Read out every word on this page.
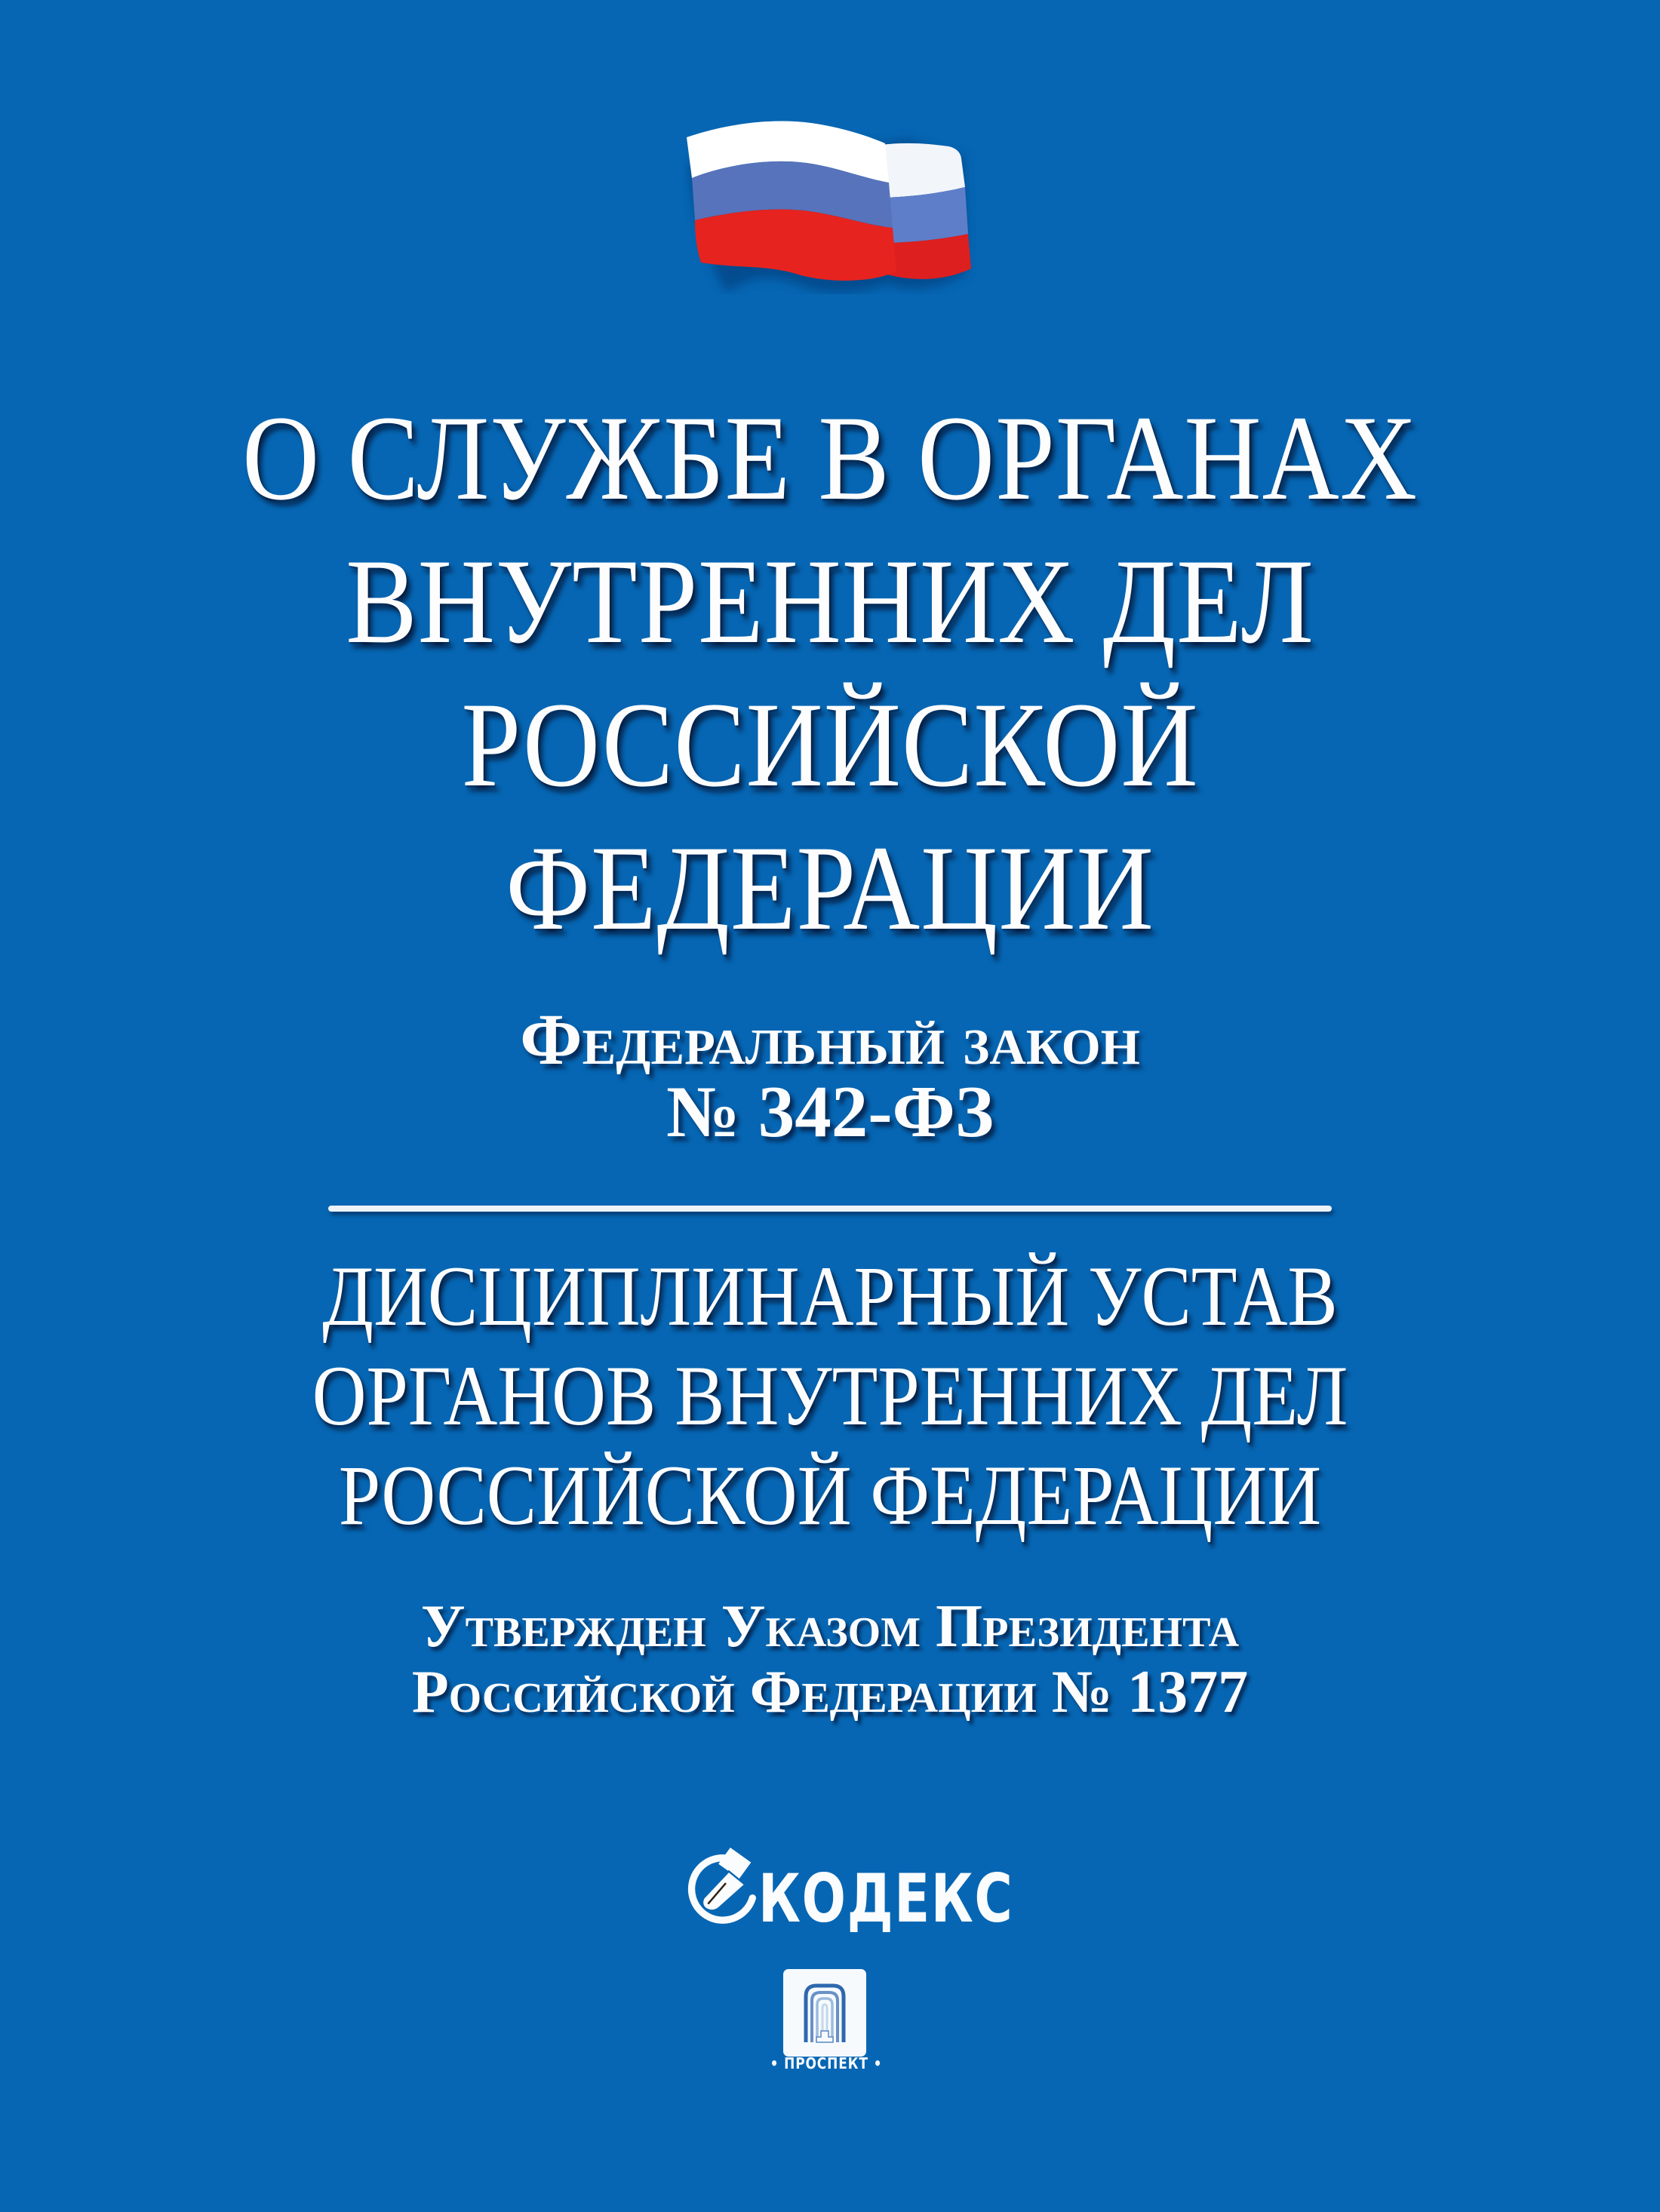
О СЛУЖБЕ В ОРГАНАХ
ВНУТРЕННИХ ДЕЛ
РОССИЙСКОЙ
ФЕДЕРАЦИИ
Федеральный закон
№ 342-ФЗ
ДИСЦИПЛИНАРНЫЙ УСТАВ
ОРГАНОВ ВНУТРЕННИХ ДЕЛ
РОССИЙСКОЙ ФЕДЕРАЦИИ
Утвержден Указом Президента
Российской Федерации № 1377
КОДЕКС
• ПРОСПЕКТ •
